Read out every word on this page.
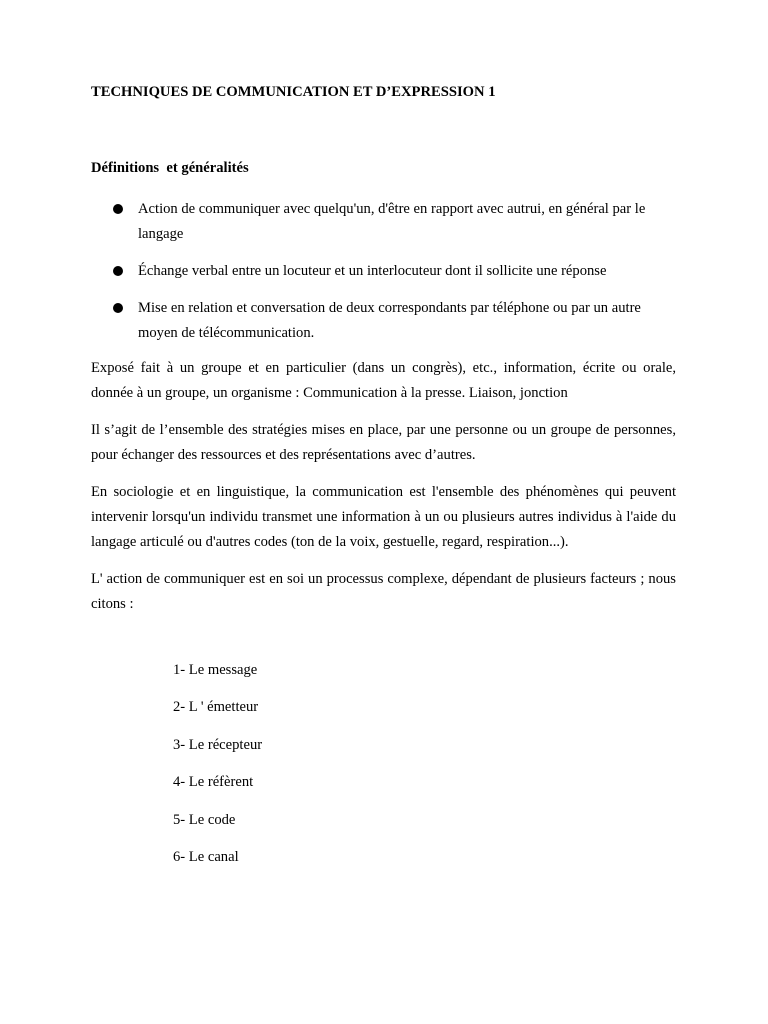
TECHNIQUES DE COMMUNICATION ET D’EXPRESSION 1
Définitions  et généralités
Action de communiquer avec quelqu'un, d'être en rapport avec autrui, en général par le langage
Échange verbal entre un locuteur et un interlocuteur dont il sollicite une réponse
Mise en relation et conversation de deux correspondants par téléphone ou par un autre moyen de télécommunication.

Exposé fait à un groupe et en particulier (dans un congrès), etc., information, écrite ou orale, donnée à un groupe, un organisme : Communication à la presse. Liaison, jonction

Il s’agit de l’ensemble des stratégies mises en place, par une personne ou un groupe de personnes, pour échanger des ressources et des représentations avec d’autres.

En sociologie et en linguistique, la communication est l'ensemble des phénomènes qui peuvent intervenir lorsqu'un individu transmet une information à un ou plusieurs autres individus à l'aide du langage articulé ou d'autres codes (ton de la voix, gestuelle, regard, respiration...).

L' action de communiquer est en soi un processus complexe, dépendant de plusieurs facteurs ; nous citons :

1- Le message
2- L ' émetteur
3- Le récepteur
4- Le réfèrent
5- Le code
6- Le canal
